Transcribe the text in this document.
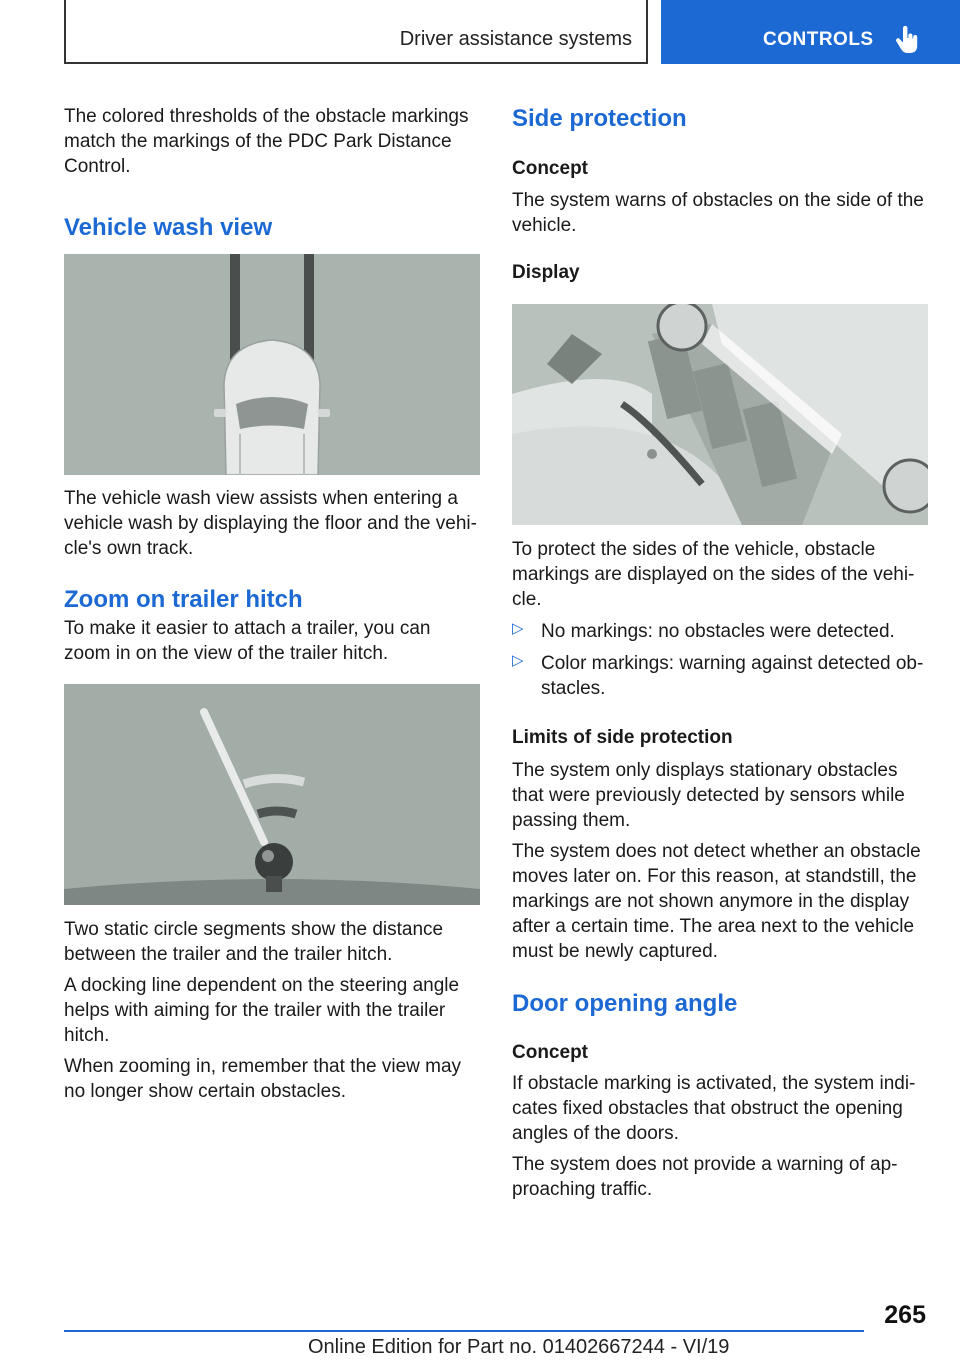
Driver assistance systems	CONTROLS

The colored thresholds of the obstacle markings match the markings of the PDC Park Distance Control.

Vehicle wash view

The vehicle wash view assists when entering a vehicle wash by displaying the floor and the vehi‐cle's own track.

Zoom on trailer hitch

To make it easier to attach a trailer, you can zoom in on the view of the trailer hitch.

Two static circle segments show the distance between the trailer and the trailer hitch.

A docking line dependent on the steering angle helps with aiming for the trailer with the trailer hitch.

When zooming in, remember that the view may no longer show certain obstacles.

Side protection
Concept

The system warns of obstacles on the side of the vehicle.

Display

To protect the sides of the vehicle, obstacle markings are displayed on the sides of the vehi‐cle.

▷ No markings: no obstacles were detected.

▷ Color markings: warning against detected ob‐stacles.

Limits of side protection

The system only displays stationary obstacles that were previously detected by sensors while passing them.

The system does not detect whether an obstacle moves later on. For this reason, at standstill, the markings are not shown anymore in the display after a certain time. The area next to the vehicle must be newly captured.

Door opening angle
Concept

If obstacle marking is activated, the system indi‐cates fixed obstacles that obstruct the opening angles of the doors.

The system does not provide a warning of ap‐proaching traffic.

265
Online Edition for Part no. 01402667244 - VI/19
